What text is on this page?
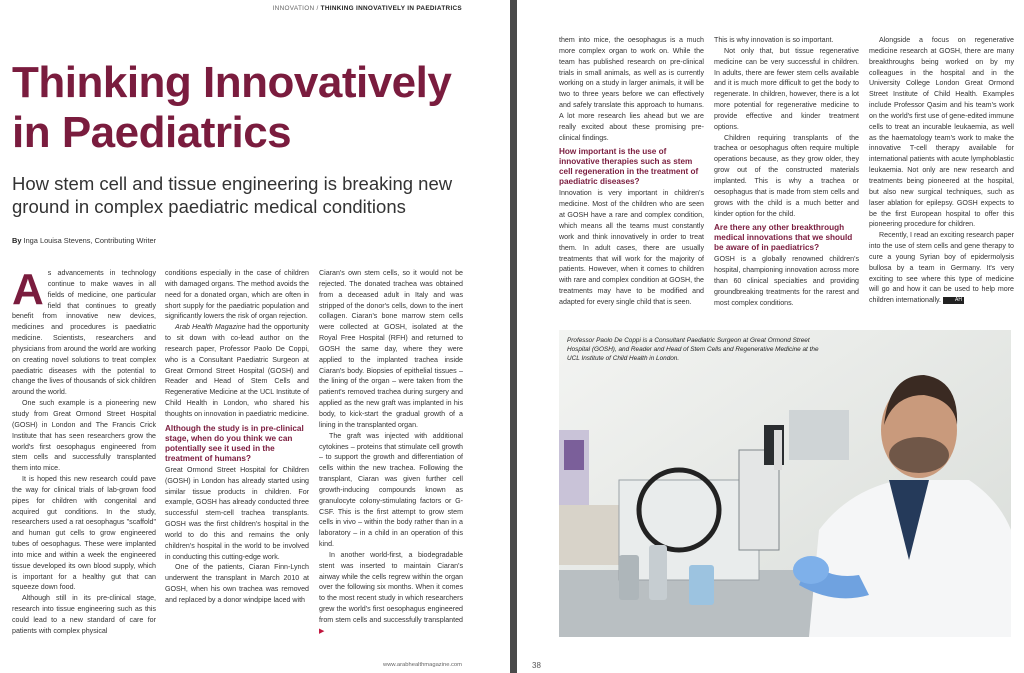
INNOVATION / THINKING INNOVATIVELY IN PAEDIATRICS
Thinking Innovatively
in Paediatrics
How stem cell and tissue engineering is breaking new ground in complex paediatric medical conditions
By Inga Louisa Stevens, Contributing Writer

As advancements in technology continue to make waves in all fields of medicine, one particular field that continues to greatly benefit from innovative new devices, medicines and procedures is paediatric medicine. Scientists, researchers and physicians from around the world are working on creating novel solutions to treat complex paediatric diseases with the potential to change the lives of thousands of sick children around the world.

One such example is a pioneering new study from Great Ormond Street Hospital (GOSH) in London and The Francis Crick Institute that has seen researchers grow the world's first oesophagus engineered from stem cells and successfully transplanted them into mice.

It is hoped this new research could pave the way for clinical trials of lab-grown food pipes for children with congenital and acquired gut conditions. In the study, researchers used a rat oesophagus "scaffold" and human gut cells to grow engineered tubes of oesophagus. These were implanted into mice and within a week the engineered tissue developed its own blood supply, which is important for a healthy gut that can squeeze down food.

Although still in its pre-clinical stage, research into tissue engineering such as this could lead to a new standard of care for patients with complex physical

conditions especially in the case of children with damaged organs. The method avoids the need for a donated organ, which are often in short supply for the paediatric population and significantly lowers the risk of organ rejection.

Arab Health Magazine had the opportunity to sit down with co-lead author on the research paper, Professor Paolo De Coppi, who is a Consultant Paediatric Surgeon at Great Ormond Street Hospital (GOSH) and Reader and Head of Stem Cells and Regenerative Medicine at the UCL Institute of Child Health in London, who shared his thoughts on innovation in paediatric medicine.

Although the study is in pre-clinical stage, when do you think we can potentially see it used in the treatment of humans?

Great Ormond Street Hospital for Children (GOSH) in London has already started using similar tissue products in children. For example, GOSH has already conducted three successful stem-cell trachea transplants. GOSH was the first children's hospital in the world to do this and remains the only children's hospital in the world to be involved in conducting this cutting-edge work.

One of the patients, Ciaran Finn-Lynch underwent the transplant in March 2010 at GOSH, when his own trachea was removed and replaced by a donor windpipe laced with

Ciaran's own stem cells, so it would not be rejected. The donated trachea was obtained from a deceased adult in Italy and was stripped of the donor's cells, down to the inert collagen. Ciaran's bone marrow stem cells were collected at GOSH, isolated at the Royal Free Hospital (RFH) and returned to GOSH the same day, where they were applied to the implanted trachea inside Ciaran's body. Biopsies of epithelial tissues – the lining of the organ – were taken from the patient's removed trachea during surgery and applied as the new graft was implanted in his body, to kick-start the gradual growth of a lining in the transplanted organ.

The graft was injected with additional cytokines – proteins that stimulate cell growth – to support the growth and differentiation of cells within the new trachea. Following the transplant, Ciaran was given further cell growth-inducing compounds known as granulocyte colony-stimulating factors or G-CSF. This is the first attempt to grow stem cells in vivo – within the body rather than in a laboratory – in a child in an operation of this kind.

In another world-first, a biodegradable stent was inserted to maintain Ciaran's airway while the cells regrew within the organ over the following six months. When it comes to the most recent study in which researchers grew the world's first oesophagus engineered from stem cells and successfully transplanted ▶

www.arabhealthmagazine.com

them into mice, the oesophagus is a much more complex organ to work on. While the team has published research on pre-clinical trials in small animals, as well as is currently working on a study in larger animals, it will be two to three years before we can effectively and safely translate this approach to humans. A lot more research lies ahead but we are really excited about these promising pre-clinical findings.

How important is the use of innovative therapies such as stem cell regeneration in the treatment of paediatric diseases?

Innovation is very important in children's medicine. Most of the children who are seen at GOSH have a rare and complex condition, which means all the teams must constantly work and think innovatively in order to treat them. In adult cases, there are usually treatments that will work for the majority of patients. However, when it comes to children with rare and complex condition at GOSH, the treatments may have to be modified and adapted for every single child that is seen.

This is why innovation is so important.

Not only that, but tissue regenerative medicine can be very successful in children. In adults, there are fewer stem cells available and it is much more difficult to get the body to regenerate. In children, however, there is a lot more potential for regenerative medicine to provide effective and kinder treatment options.

Children requiring transplants of the trachea or oesophagus often require multiple operations because, as they grow older, they grow out of the constructed materials implanted. This is why a trachea or oesophagus that is made from stem cells and grows with the child is a much better and kinder option for the child.

Are there any other breakthrough medical innovations that we should be aware of in paediatrics?

GOSH is a globally renowned children's hospital, championing innovation across more than 60 clinical specialties and providing groundbreaking treatments for the rarest and most complex conditions.

Alongside a focus on regenerative medicine research at GOSH, there are many breakthroughs being worked on by my colleagues in the hospital and in the University College London Great Ormond Street Institute of Child Health. Examples include Professor Qasim and his team's work on the world's first use of gene-edited immune cells to treat an incurable leukaemia, as well as the haematology team's work to make the innovative T-cell therapy available for international patients with acute lymphoblastic leukaemia. Not only are new research and treatments being pioneered at the hospital, but also new surgical techniques, such as laser ablation for epilepsy. GOSH expects to be the first European hospital to offer this pioneering procedure for children.

Recently, I read an exciting research paper into the use of stem cells and gene therapy to cure a young Syrian boy of epidermolysis bullosa by a team in Germany. It's very exciting to see where this type of medicine will go and how it can be used to help more children internationally.	AH

Professor Paolo De Coppi is a Consultant Paediatric Surgeon at Great Ormond Street Hospital (GOSH), and Reader and Head of Stem Cells and Regenerative Medicine at the UCL Institute of Child Health in London.
38
